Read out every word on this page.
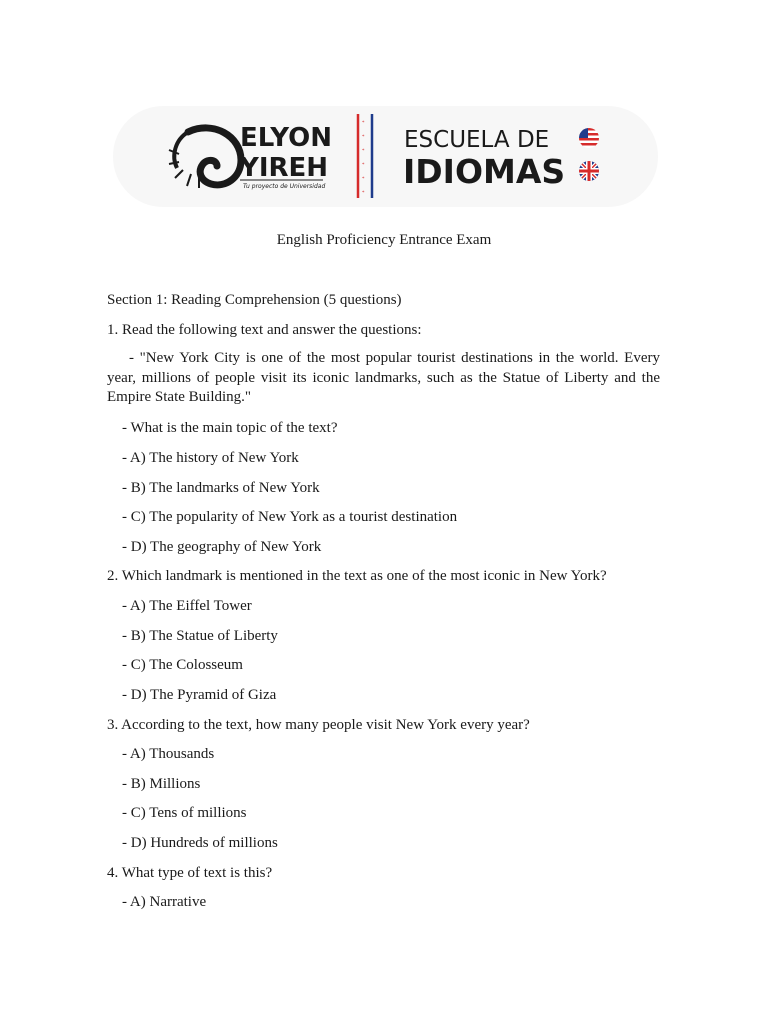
ELYON
YIREH
Tu proyecto de Universidad
*
*
*
*
*
*
ESCUELA DE
IDIOMAS
English Proficiency Entrance Exam
Section 1: Reading Comprehension (5 questions)
1. Read the following text and answer the questions:
- "New York City is one of the most popular tourist destinations in the world. Every year, millions of people visit its iconic landmarks, such as the Statue of Liberty and the Empire State Building."
- What is the main topic of the text?
- A) The history of New York
- B) The landmarks of New York
- C) The popularity of New York as a tourist destination
- D) The geography of New York
2. Which landmark is mentioned in the text as one of the most iconic in New York?
- A) The Eiffel Tower
- B) The Statue of Liberty
- C) The Colosseum
- D) The Pyramid of Giza
3. According to the text, how many people visit New York every year?
- A) Thousands
- B) Millions
- C) Tens of millions
- D) Hundreds of millions
4. What type of text is this?
- A) Narrative
